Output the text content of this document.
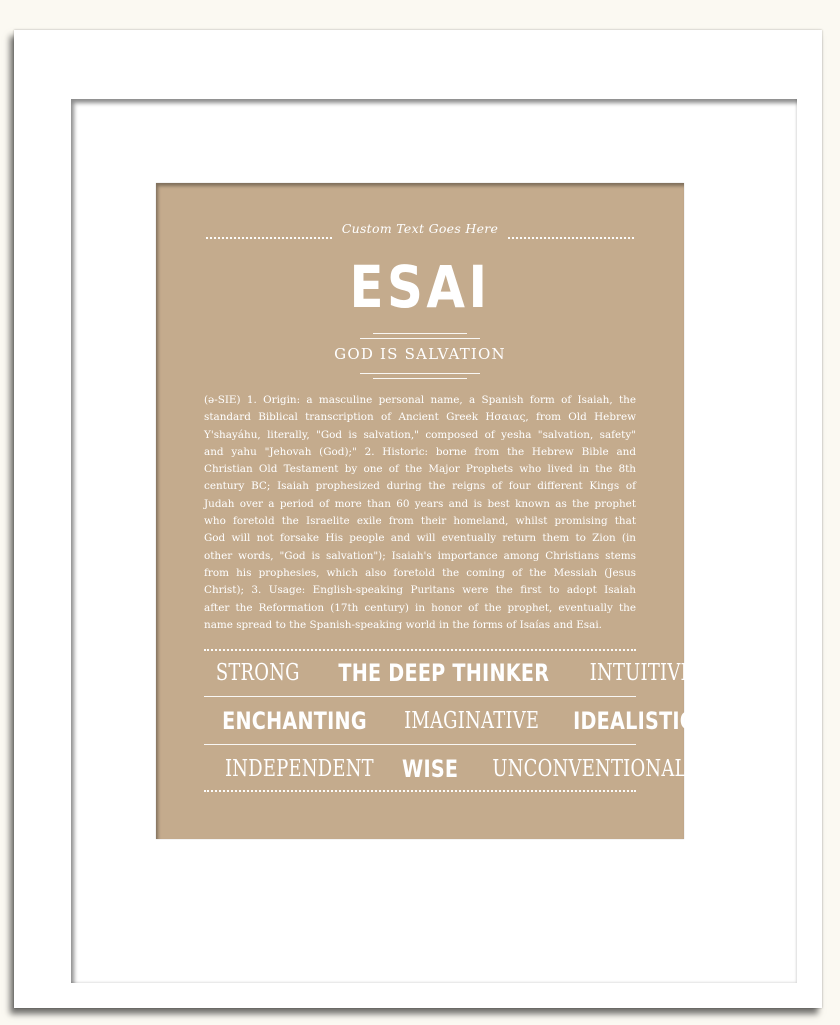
Custom Text Goes Here
ESAI
GOD IS SALVATION
(ə-SIE) 1. Origin: a masculine personal name, a Spanish form of Isaiah, the
standard Biblical transcription of Ancient Greek Ησαιας, from Old Hebrew
Y'shayáhu, literally, "God is salvation," composed of yesha "salvation, safety"
and yahu "Jehovah (God);" 2. Historic: borne from the Hebrew Bible and
Christian Old Testament by one of the Major Prophets who lived in the 8th
century BC; Isaiah prophesized during the reigns of four different Kings of
Judah over a period of more than 60 years and is best known as the prophet
who foretold the Israelite exile from their homeland, whilst promising that
God will not forsake His people and will eventually return them to Zion (in
other words, "God is salvation"); Isaiah's importance among Christians stems
from his prophesies, which also foretold the coming of the Messiah (Jesus
Christ); 3. Usage: English-speaking Puritans were the first to adopt Isaiah
after the Reformation (17th century) in honor of the prophet, eventually the
name spread to the Spanish-speaking world in the forms of Isaías and Esai.
STRONG THE DEEP THINKER INTUITIVE
ENCHANTING IMAGINATIVE IDEALISTIC
INDEPENDENT WISE UNCONVENTIONAL
